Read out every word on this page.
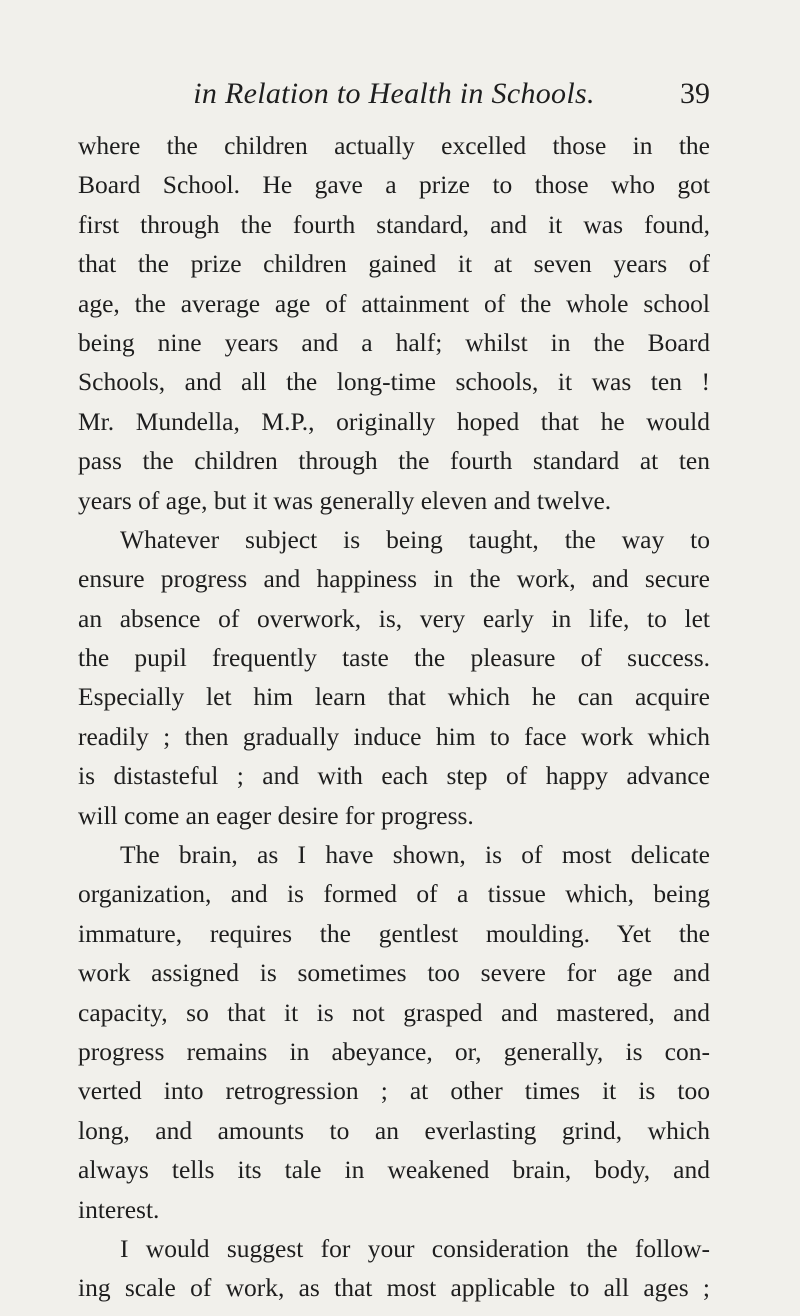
in Relation to Health in Schools.	39
where the children actually excelled those in the
Board School. He gave a prize to those who got
first through the fourth standard, and it was found,
that the prize children gained it at seven years of
age, the average age of attainment of the whole school
being nine years and a half; whilst in the Board
Schools, and all the long-time schools, it was ten !
Mr. Mundella, M.P., originally hoped that he would
pass the children through the fourth standard at ten
years of age, but it was generally eleven and twelve.
Whatever subject is being taught, the way to
ensure progress and happiness in the work, and secure
an absence of overwork, is, very early in life, to let
the pupil frequently taste the pleasure of success.
Especially let him learn that which he can acquire
readily ; then gradually induce him to face work which
is distasteful ; and with each step of happy advance
will come an eager desire for progress.
The brain, as I have shown, is of most delicate
organization, and is formed of a tissue which, being
immature, requires the gentlest moulding. Yet the
work assigned is sometimes too severe for age and
capacity, so that it is not grasped and mastered, and
progress remains in abeyance, or, generally, is con-
verted into retrogression ; at other times it is too
long, and amounts to an everlasting grind, which
always tells its tale in weakened brain, body, and
interest.
I would suggest for your consideration the follow-
ing scale of work, as that most applicable to all ages ;
